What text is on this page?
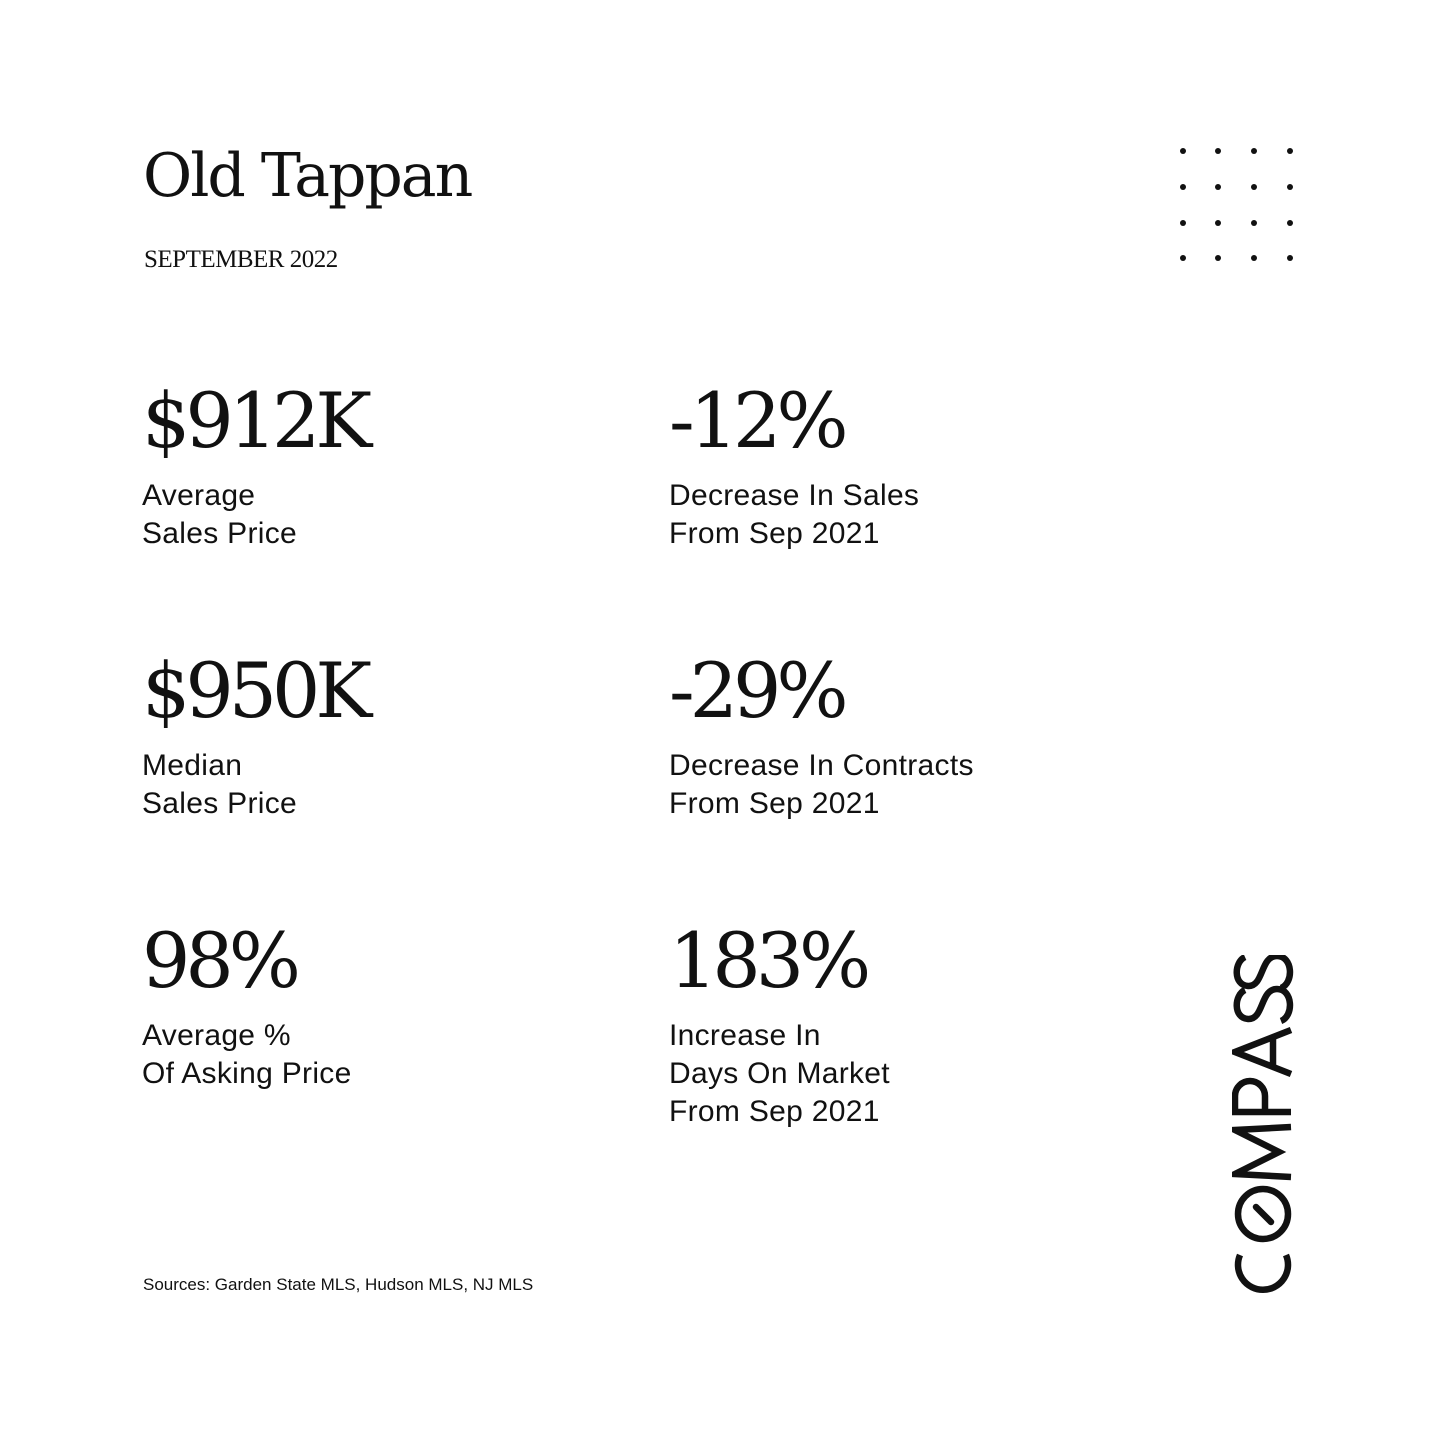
Old Tappan
SEPTEMBER 2022
$912K
Average
Sales Price
-12%
Decrease In Sales
From Sep 2021
$950K
Median
Sales Price
-29%
Decrease In Contracts
From Sep 2021
98%
Average %
Of Asking Price
183%
Increase In
Days On Market
From Sep 2021
Sources: Garden State MLS, Hudson MLS, NJ MLS
